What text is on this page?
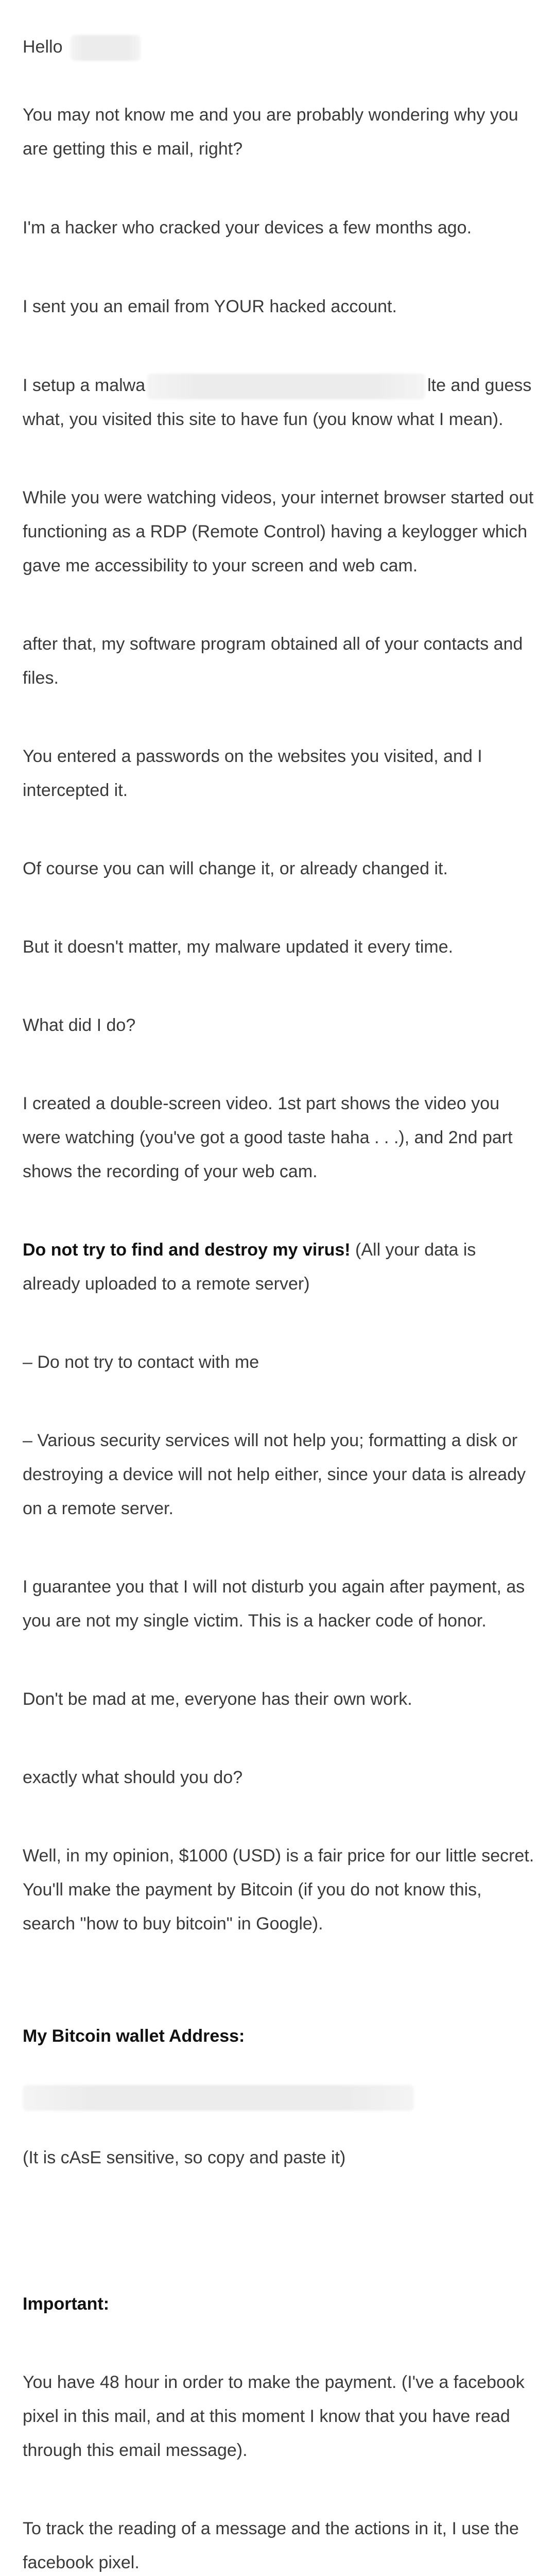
Hello

You may not know me and you are probably wondering why you are getting this e mail, right?

I'm a hacker who cracked your devices a few months ago.

I sent you an email from YOUR hacked account.

I setup a malwa	lte and guess what, you visited this site to have fun (you know what I mean).

While you were watching videos, your internet browser started out functioning as a RDP (Remote Control) having a keylogger which gave me accessibility to your screen and web cam.

after that, my software program obtained all of your contacts and files.

You entered a passwords on the websites you visited, and I intercepted it.

Of course you can will change it, or already changed it.

But it doesn't matter, my malware updated it every time.

What did I do?

I created a double-screen video. 1st part shows the video you were watching (you've got a good taste haha . . .), and 2nd part shows the recording of your web cam.

Do not try to find and destroy my virus! (All your data is already uploaded to a remote server)

– Do not try to contact with me

– Various security services will not help you; formatting a disk or destroying a device will not help either, since your data is already on a remote server.

I guarantee you that I will not disturb you again after payment, as you are not my single victim. This is a hacker code of honor.

Don't be mad at me, everyone has their own work.

exactly what should you do?

Well, in my opinion, $1000 (USD) is a fair price for our little secret. You'll make the payment by Bitcoin (if you do not know this, search "how to buy bitcoin" in Google).

My Bitcoin wallet Address:

(It is cAsE sensitive, so copy and paste it)

Important:

You have 48 hour in order to make the payment. (I've a facebook pixel in this mail, and at this moment I know that you have read through this email message).

To track the reading of a message and the actions in it, I use the facebook pixel.
